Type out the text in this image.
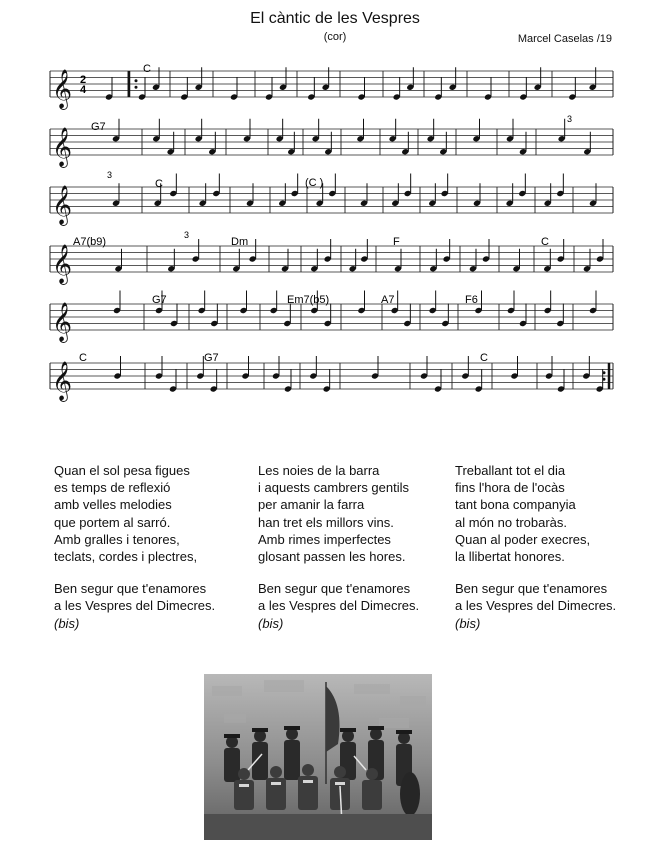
El càntic de les Vespres
(cor)	Marcel Caselas /19
𝄞
𝄞
𝄞
𝄞
𝄞
𝄞
C
G7
C	(C )
A7(b9)	Dm	F	C
G7	Em7(b5)	A7	F6
C	G7	C
3
3
3
2
4
Quan el sol pesa figues
es temps de reflexió
amb velles melodies
que portem al sarró.
Amb gralles i tenores,
teclats, cordes i plectres,
Ben segur que t'enamores
a les Vespres del Dimecres.
(bis)
Les noies de la barra
i aquests cambrers gentils
per amanir la farra
han tret els millors vins.
Amb rimes imperfectes
glosant passen les hores.
Ben segur que t'enamores
a les Vespres del Dimecres.
(bis)
Treballant tot el dia
fins l'hora de l'ocàs
tant bona companyia
al món no trobaràs.
Quan al poder execres,
la llibertat honores.
Ben segur que t'enamores
a les Vespres del Dimecres.
(bis)
